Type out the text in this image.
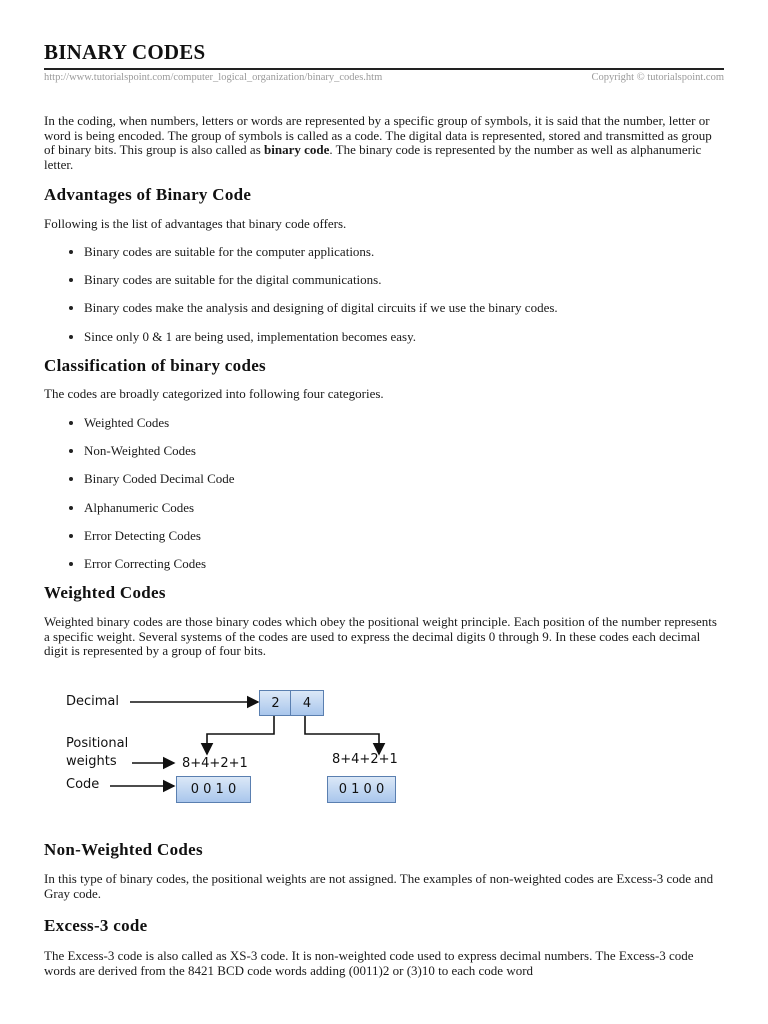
BINARY CODES
http://www.tutorialspoint.com/computer_logical_organization/binary_codes.htm	Copyright © tutorialspoint.com

In the coding, when numbers, letters or words are represented by a specific group of symbols, it is said that the number, letter or word is being encoded. The group of symbols is called as a code. The digital data is represented, stored and transmitted as group of binary bits. This group is also called as binary code. The binary code is represented by the number as well as alphanumeric letter.

Advantages of Binary Code

Following is the list of advantages that binary code offers.

Binary codes are suitable for the computer applications.
Binary codes are suitable for the digital communications.
Binary codes make the analysis and designing of digital circuits if we use the binary codes.
Since only 0 & 1 are being used, implementation becomes easy.
Classification of binary codes

The codes are broadly categorized into following four categories.

Weighted Codes
Non-Weighted Codes
Binary Coded Decimal Code
Alphanumeric Codes
Error Detecting Codes
Error Correcting Codes
Weighted Codes

Weighted binary codes are those binary codes which obey the positional weight principle. Each position of the number represents a specific weight. Several systems of the codes are used to express the decimal digits 0 through 9. In these codes each decimal digit is represented by a group of four bits.

Decimal
Positional
weights
Code
2	4
8+4+2+1	8+4+2+1
0 0 1 0	0 1 0 0
Non-Weighted Codes

In this type of binary codes, the positional weights are not assigned. The examples of non-weighted codes are Excess-3 code and Gray code.

Excess-3 code

The Excess-3 code is also called as XS-3 code. It is non-weighted code used to express decimal numbers. The Excess-3 code words are derived from the 8421 BCD code words adding (0011)2 or (3)10 to each code word
